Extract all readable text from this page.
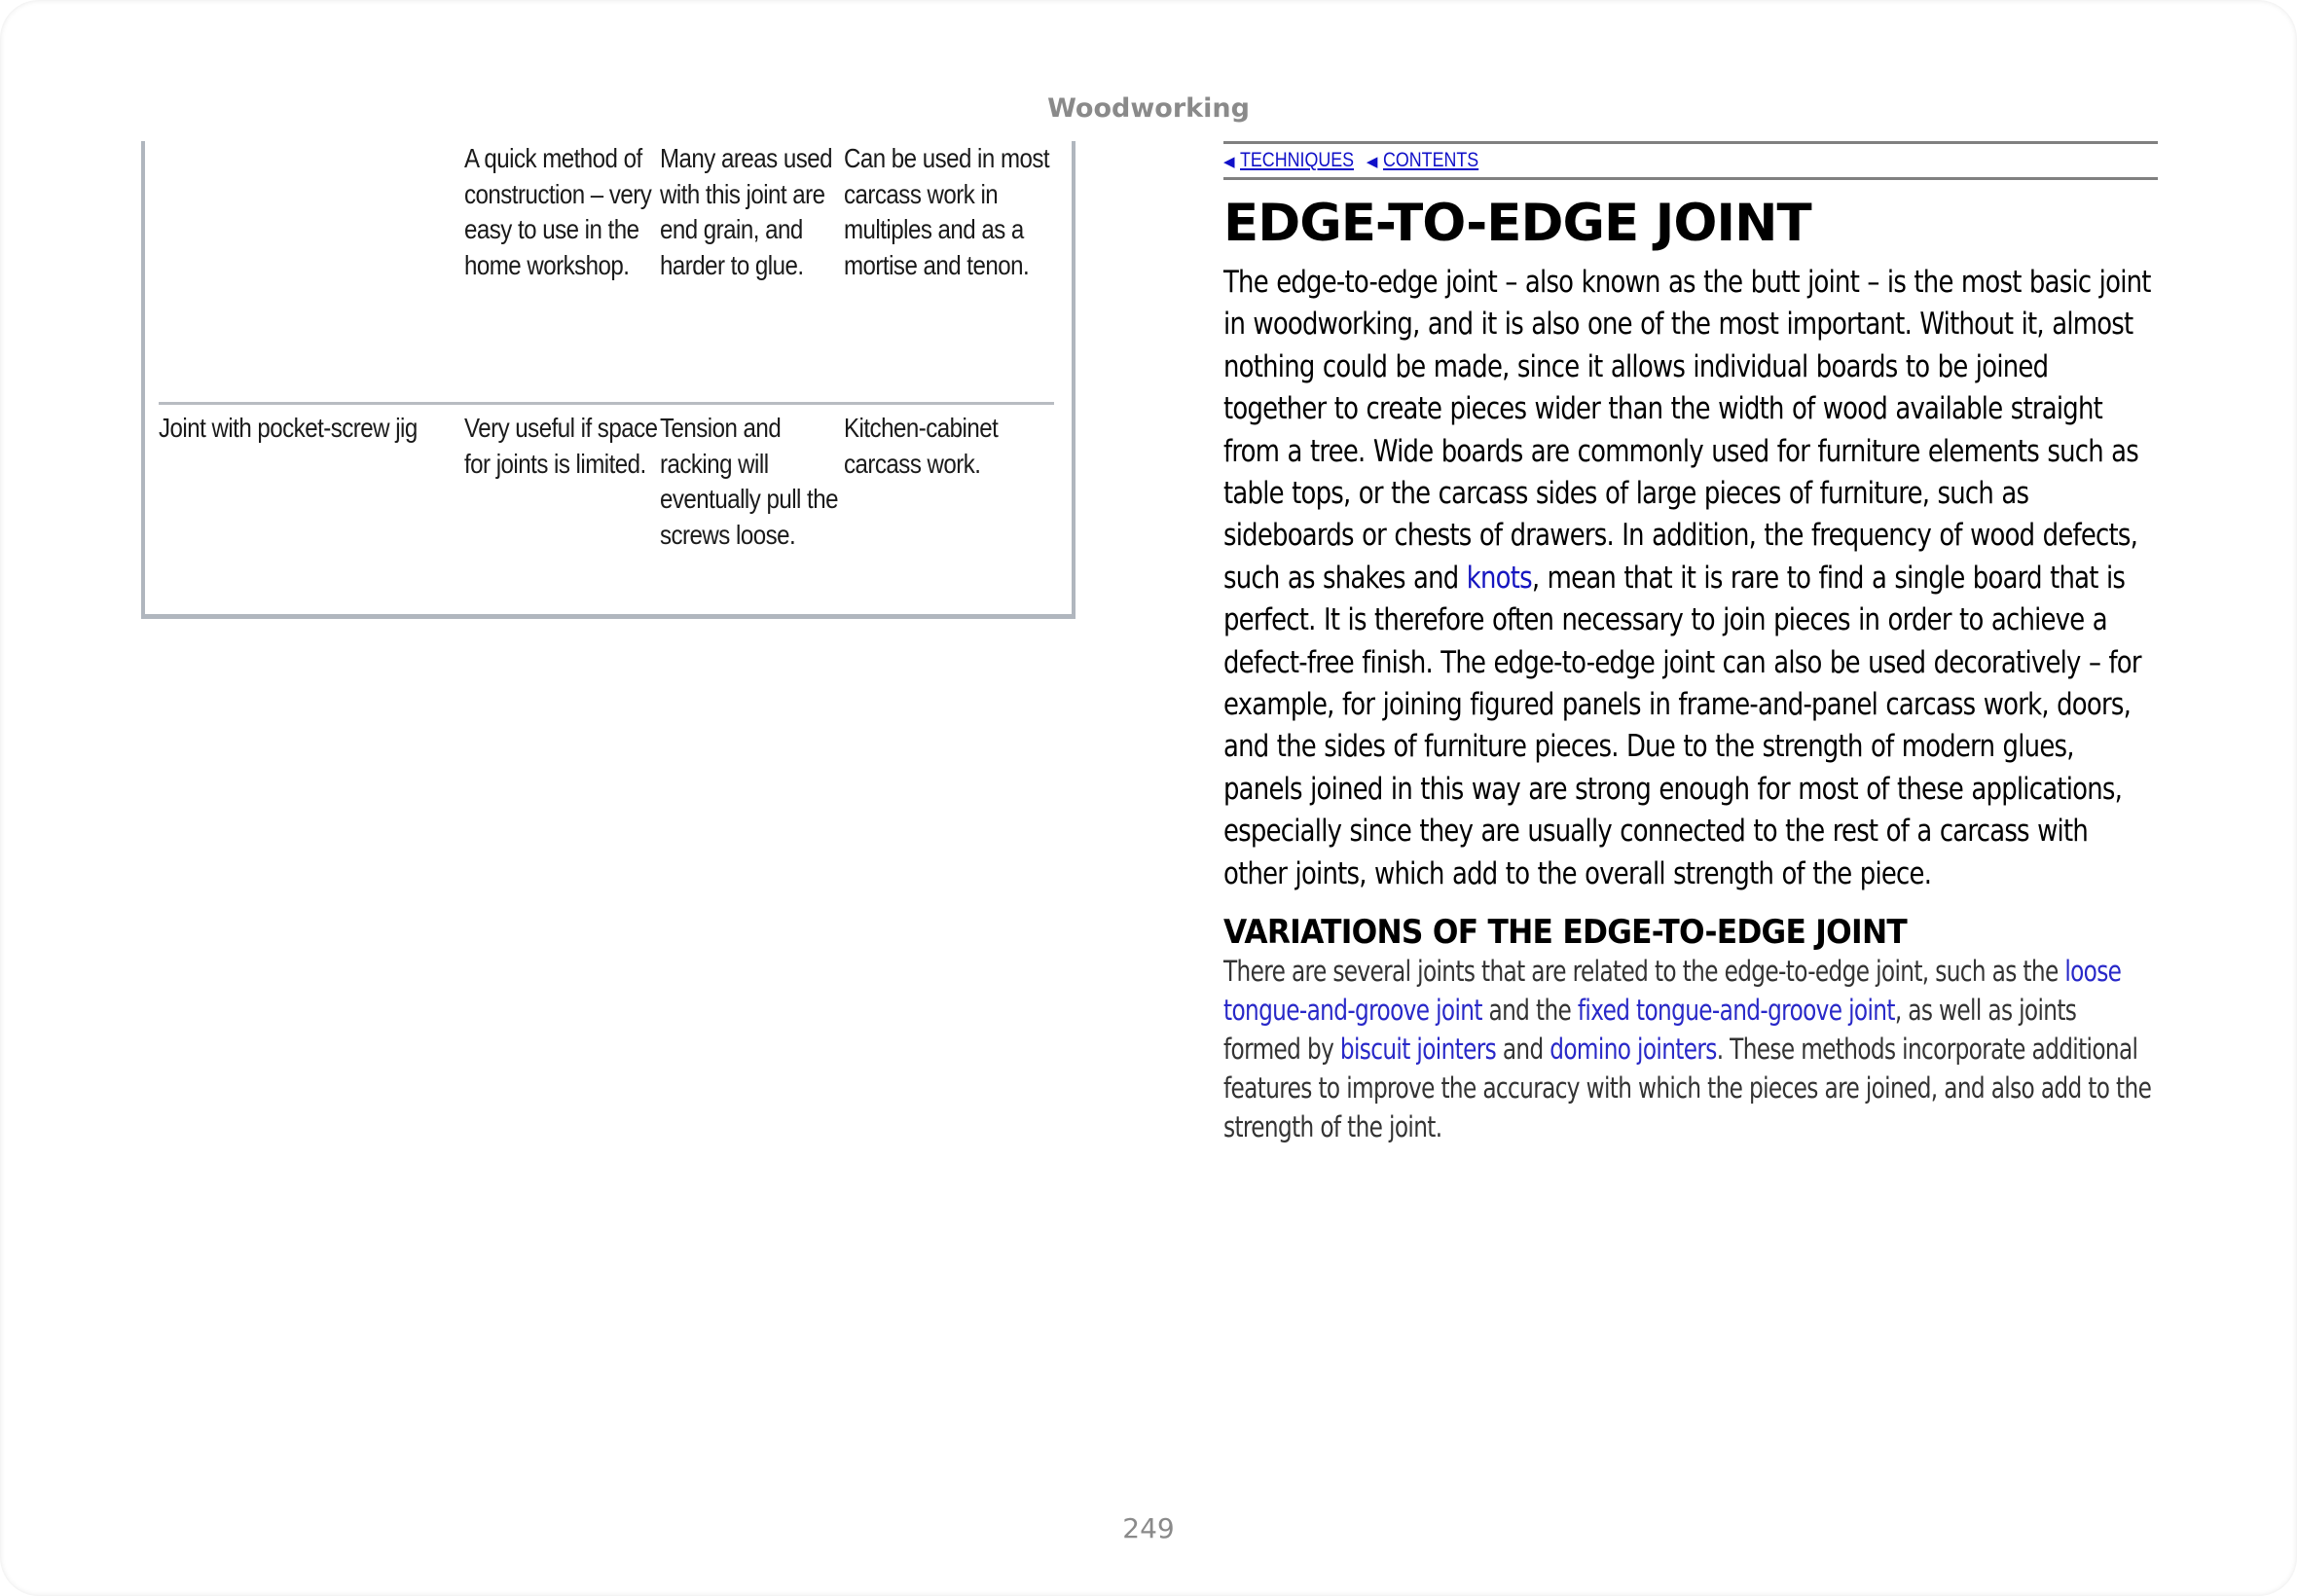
Woodworking

	A quick method of construction – very easy to use in the home workshop.	Many areas used with this joint are end grain, and harder to glue.	Can be used in most carcass work in multiples and as a mortise and tenon.

Joint with pocket-screw jig	Very useful if space for joints is limited.	Tension and racking will eventually pull the screws loose.	Kitchen-cabinet carcass work.
◀ TECHNIQUES ◀ CONTENTS
EDGE-TO-EDGE JOINT

The edge-to-edge joint – also known as the butt joint – is the most basic joint in woodworking, and it is also one of the most important. Without it, almost nothing could be made, since it allows individual boards to be joined together to create pieces wider than the width of wood available straight from a tree. Wide boards are commonly used for furniture elements such as table tops, or the carcass sides of large pieces of furniture, such as sideboards or chests of drawers. In addition, the frequency of wood defects, such as shakes and knots, mean that it is rare to find a single board that is perfect. It is therefore often necessary to join pieces in order to achieve a defect-free finish. The edge-to-edge joint can also be used decoratively – for example, for joining figured panels in frame-and-panel carcass work, doors, and the sides of furniture pieces. Due to the strength of modern glues, panels joined in this way are strong enough for most of these applications, especially since they are usually connected to the rest of a carcass with other joints, which add to the overall strength of the piece.

VARIATIONS OF THE EDGE-TO-EDGE JOINT

There are several joints that are related to the edge-to-edge joint, such as the loose tongue-and-groove joint and the fixed tongue-and-groove joint, as well as joints formed by biscuit jointers and domino jointers. These methods incorporate additional features to improve the accuracy with which the pieces are joined, and also add to the strength of the joint.

249
